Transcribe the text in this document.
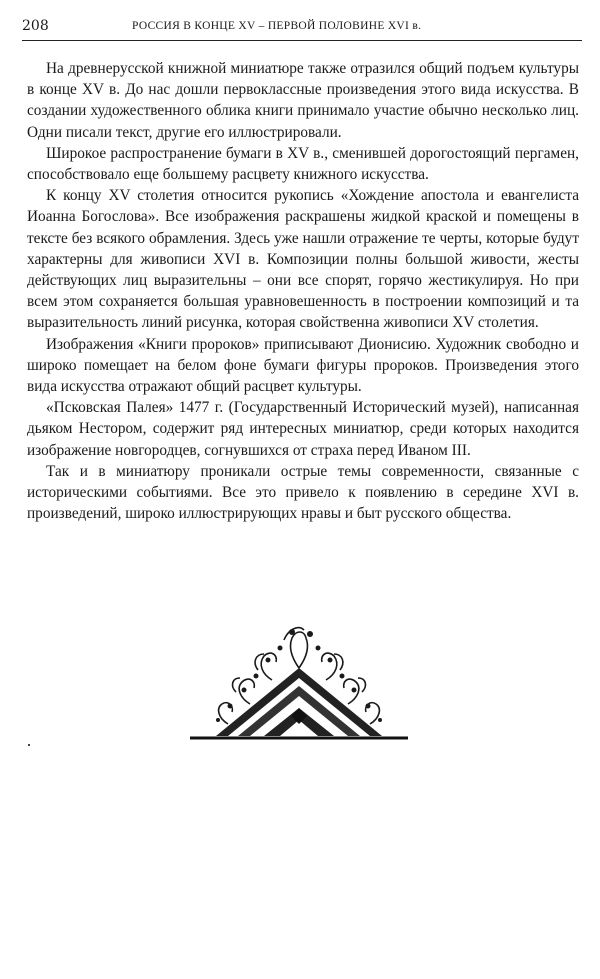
208	РОССИЯ В КОНЦЕ XV – ПЕРВОЙ ПОЛОВИНЕ XVI в.

На древнерусской книжной миниатюре также отразился общий подъем культуры в конце XV в. До нас дошли первоклассные произведения этого вида искусства. В создании художественного облика книги принимало участие обычно несколько лиц. Одни писали текст, другие его иллюстрировали.

Широкое распространение бумаги в XV в., сменившей дорогостоящий пергамен, способствовало еще большему расцвету книжного искусства.

К концу XV столетия относится рукопись «Хождение апостола и евангелиста Иоанна Богослова». Все изображения раскрашены жидкой краской и помещены в тексте без всякого обрамления. Здесь уже нашли отражение те черты, которые будут характерны для живописи XVI в. Композиции полны большой живости, жесты действующих лиц выразительны – они все спорят, горячо жестикулируя. Но при всем этом сохраняется большая уравновешенность в построении композиций и та выразительность линий рисунка, которая свойственна живописи XV столетия.

Изображения «Книги пророков» приписывают Дионисию. Художник свободно и широко помещает на белом фоне бумаги фигуры пророков. Произведения этого вида искусства отражают общий расцвет культуры.

«Псковская Палея» 1477 г. (Государственный Исторический музей), написанная дьяком Нестором, содержит ряд интересных миниатюр, среди которых находится изображение новгородцев, согнувшихся от страха перед Иваном III.

Так и в миниатюру проникали острые темы современности, связанные с историческими событиями. Все это привело к появлению в середине XVI в. произведений, широко иллюстрирующих нравы и быт русского общества.
